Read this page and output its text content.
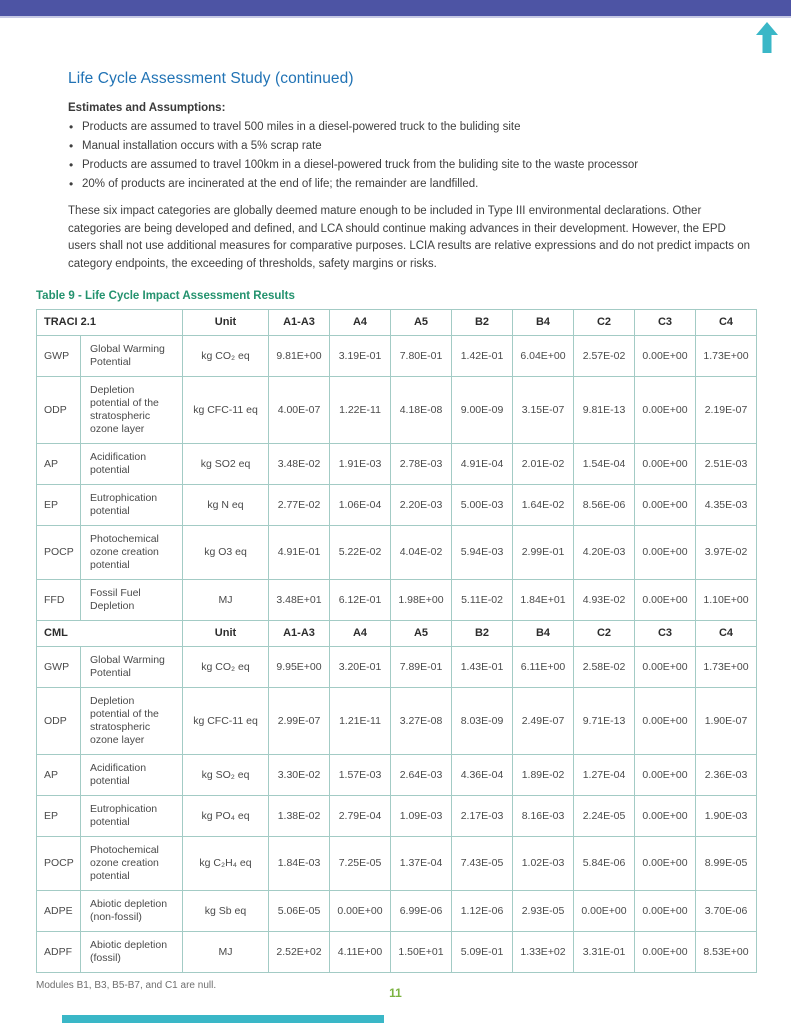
Life Cycle Assessment Study (continued)

Estimates and Assumptions:

• Products are assumed to travel 500 miles in a diesel-powered truck to the buliding site
• Manual installation occurs with a 5% scrap rate
• Products are assumed to travel 100km in a diesel-powered truck from the buliding site to the waste processor
• 20% of products are incinerated at the end of life; the remainder are landfilled.

These six impact categories are globally deemed mature enough to be included in Type III environmental declarations. Other categories are being developed and defined, and LCA should continue making advances in their development. However, the EPD users shall not use additional measures for comparative purposes. LCIA results are relative expressions and do not predict impacts on category endpoints, the exceeding of thresholds, safety margins or risks.

Table 9 - Life Cycle Impact Assessment Results

TRACI 2.1		Unit	A1-A3	A4	A5	B2	B4	C2	C3	C4
GWP	Global Warming Potential	kg CO₂ eq	9.81E+00	3.19E-01	7.80E-01	1.42E-01	6.04E+00	2.57E-02	0.00E+00	1.73E+00
ODP	Depletion potential of the stratospheric ozone layer	kg CFC-11 eq	4.00E-07	1.22E-11	4.18E-08	9.00E-09	3.15E-07	9.81E-13	0.00E+00	2.19E-07
AP	Acidification potential	kg SO2 eq	3.48E-02	1.91E-03	2.78E-03	4.91E-04	2.01E-02	1.54E-04	0.00E+00	2.51E-03
EP	Eutrophication potential	kg N eq	2.77E-02	1.06E-04	2.20E-03	5.00E-03	1.64E-02	8.56E-06	0.00E+00	4.35E-03
POCP	Photochemical ozone creation potential	kg O3 eq	4.91E-01	5.22E-02	4.04E-02	5.94E-03	2.99E-01	4.20E-03	0.00E+00	3.97E-02
FFD	Fossil Fuel Depletion	MJ	3.48E+01	6.12E-01	1.98E+00	5.11E-02	1.84E+01	4.93E-02	0.00E+00	1.10E+00
CML		Unit	A1-A3	A4	A5	B2	B4	C2	C3	C4
GWP	Global Warming Potential	kg CO₂ eq	9.95E+00	3.20E-01	7.89E-01	1.43E-01	6.11E+00	2.58E-02	0.00E+00	1.73E+00
ODP	Depletion potential of the stratospheric ozone layer	kg CFC-11 eq	2.99E-07	1.21E-11	3.27E-08	8.03E-09	2.49E-07	9.71E-13	0.00E+00	1.90E-07
AP	Acidification potential	kg SO₂ eq	3.30E-02	1.57E-03	2.64E-03	4.36E-04	1.89E-02	1.27E-04	0.00E+00	2.36E-03
EP	Eutrophication potential	kg PO₄ eq	1.38E-02	2.79E-04	1.09E-03	2.17E-03	8.16E-03	2.24E-05	0.00E+00	1.90E-03
POCP	Photochemical ozone creation potential	kg C₂H₄ eq	1.84E-03	7.25E-05	1.37E-04	7.43E-05	1.02E-03	5.84E-06	0.00E+00	8.99E-05
ADPE	Abiotic depletion (non-fossil)	kg Sb eq	5.06E-05	0.00E+00	6.99E-06	1.12E-06	2.93E-05	0.00E+00	0.00E+00	3.70E-06
ADPF	Abiotic depletion (fossil)	MJ	2.52E+02	4.11E+00	1.50E+01	5.09E-01	1.33E+02	3.31E-01	0.00E+00	8.53E+00

Modules B1, B3, B5-B7, and C1 are null.

11
